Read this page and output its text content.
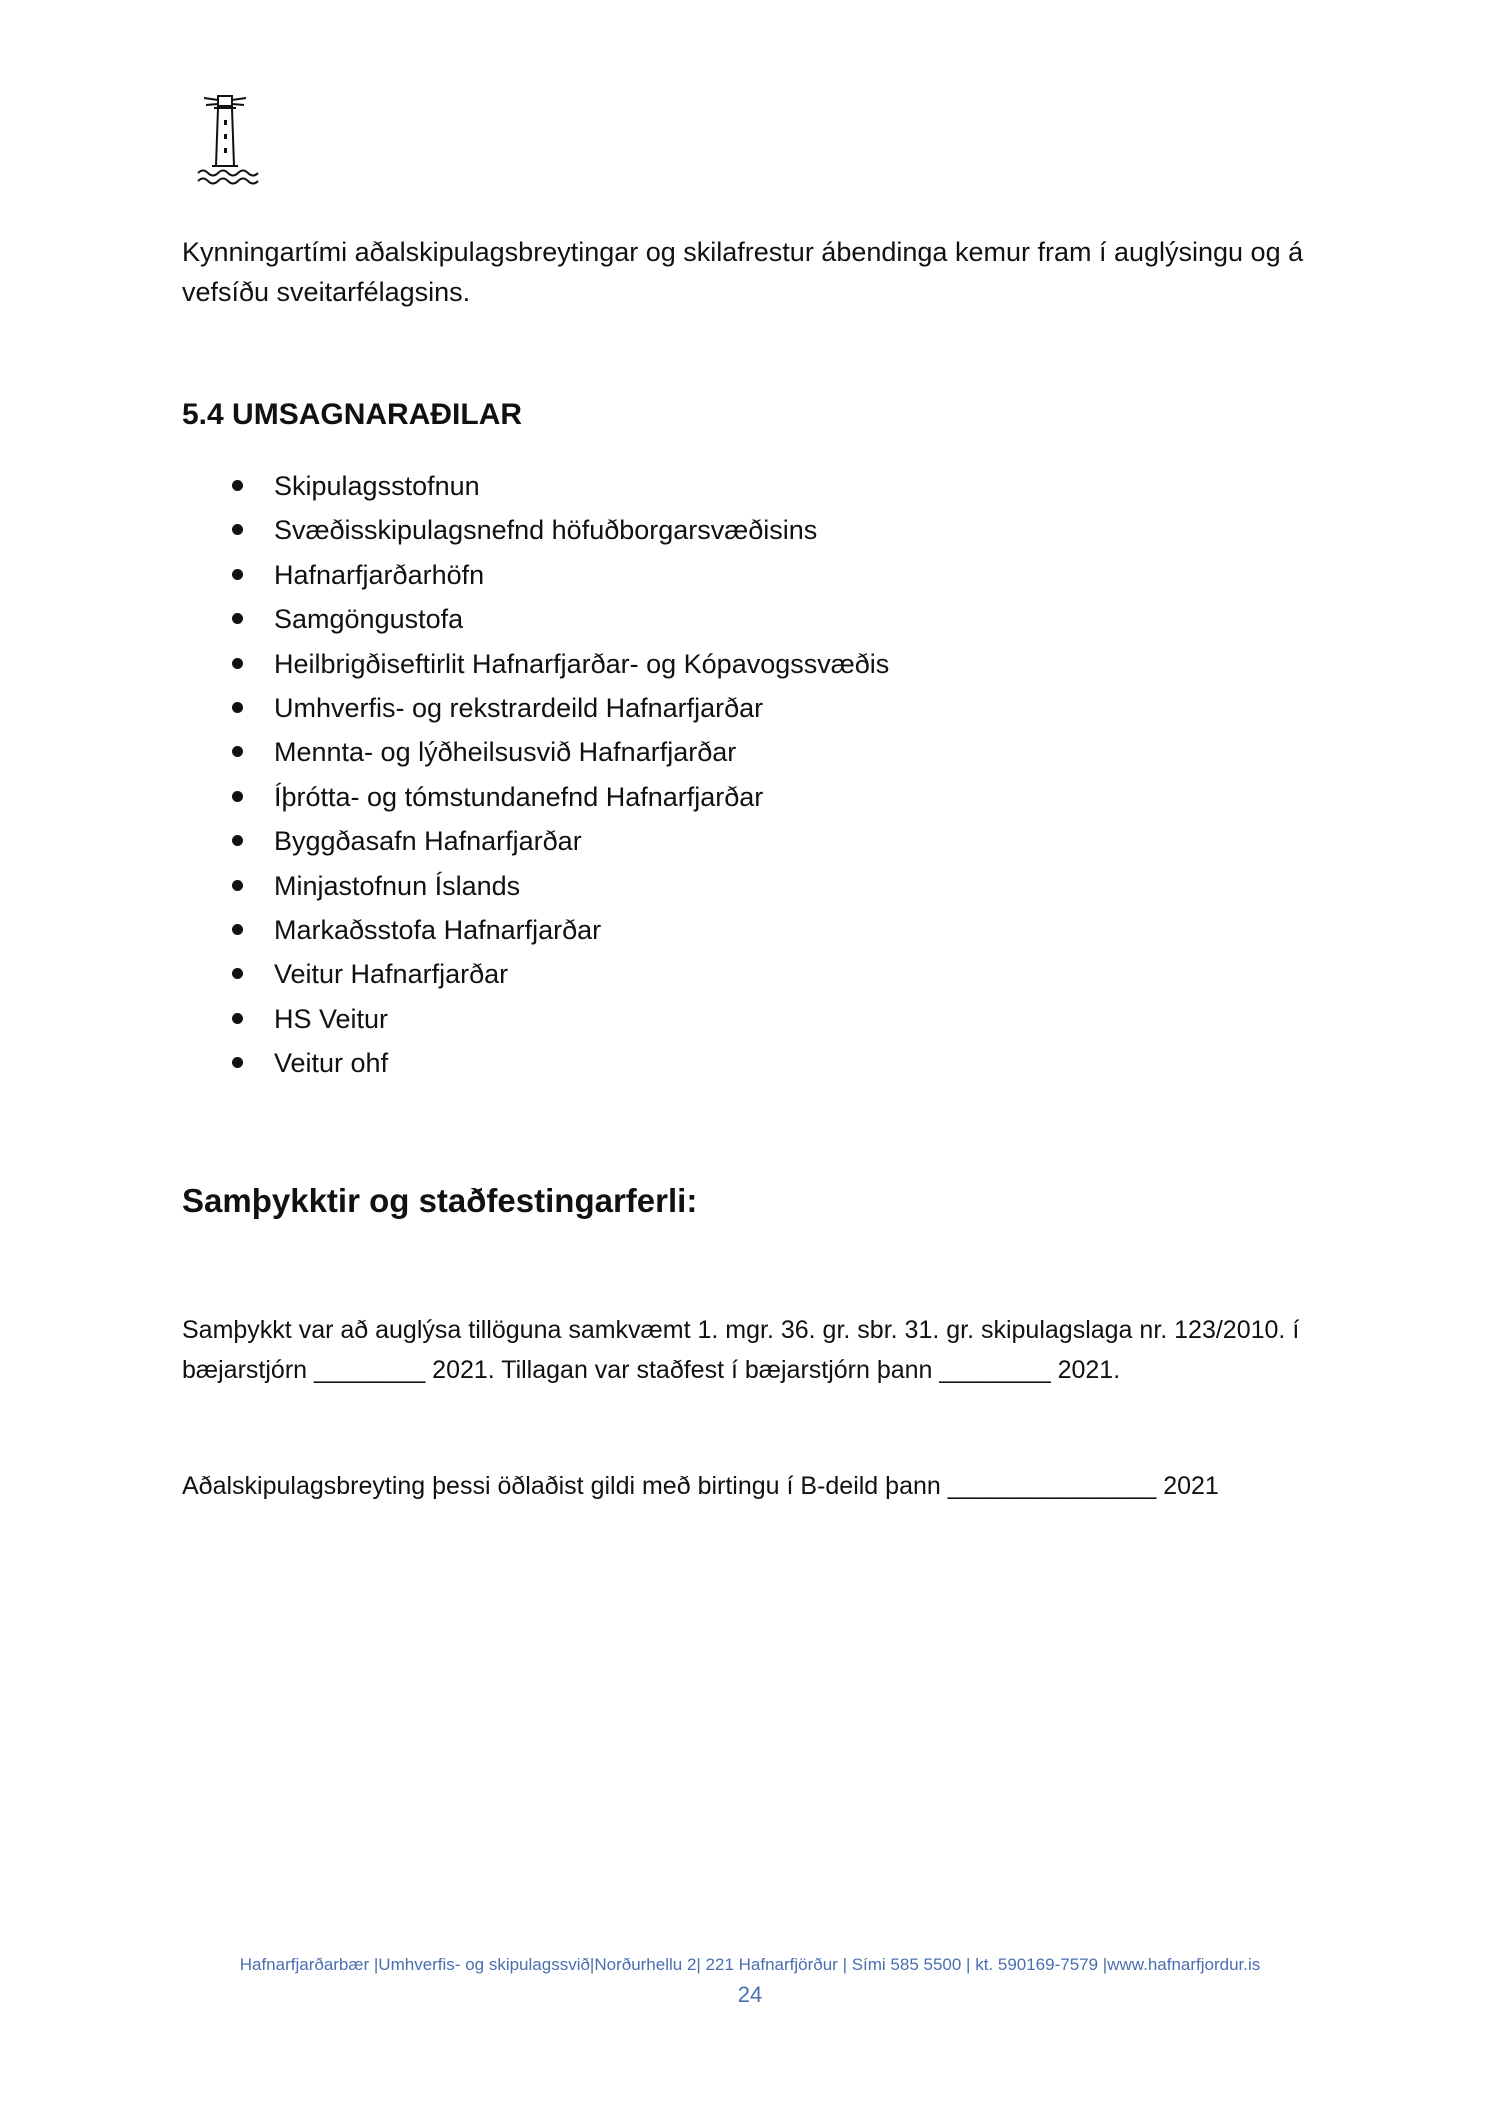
Kynningartími aðalskipulagsbreytingar og skilafrestur ábendinga kemur fram í auglýsingu og á vefsíðu sveitarfélagsins.

5.4 UMSAGNARAÐILAR
Skipulagsstofnun
Svæðisskipulagsnefnd höfuðborgarsvæðisins
Hafnarfjarðarhöfn
Samgöngustofa
Heilbrigðiseftirlit Hafnarfjarðar- og Kópavogssvæðis
Umhverfis- og rekstrardeild Hafnarfjarðar
Mennta- og lýðheilsusvið Hafnarfjarðar
Íþrótta- og tómstundanefnd Hafnarfjarðar
Byggðasafn Hafnarfjarðar
Minjastofnun Íslands
Markaðsstofa Hafnarfjarðar
Veitur Hafnarfjarðar
HS Veitur
Veitur ohf
Samþykktir og staðfestingarferli:

Samþykkt var að auglýsa tillöguna samkvæmt 1. mgr. 36. gr. sbr. 31. gr. skipulagslaga nr. 123/2010. í bæjarstjórn ________ 2021. Tillagan var staðfest í bæjarstjórn þann ________ 2021.

Aðalskipulagsbreyting þessi öðlaðist gildi með birtingu í B-deild þann _______________ 2021

Hafnarfjarðarbær |Umhverfis- og skipulagssvið|Norðurhellu 2| 221 Hafnarfjörður | Sími 585 5500 | kt. 590169-7579 |www.hafnarfjordur.is

24
